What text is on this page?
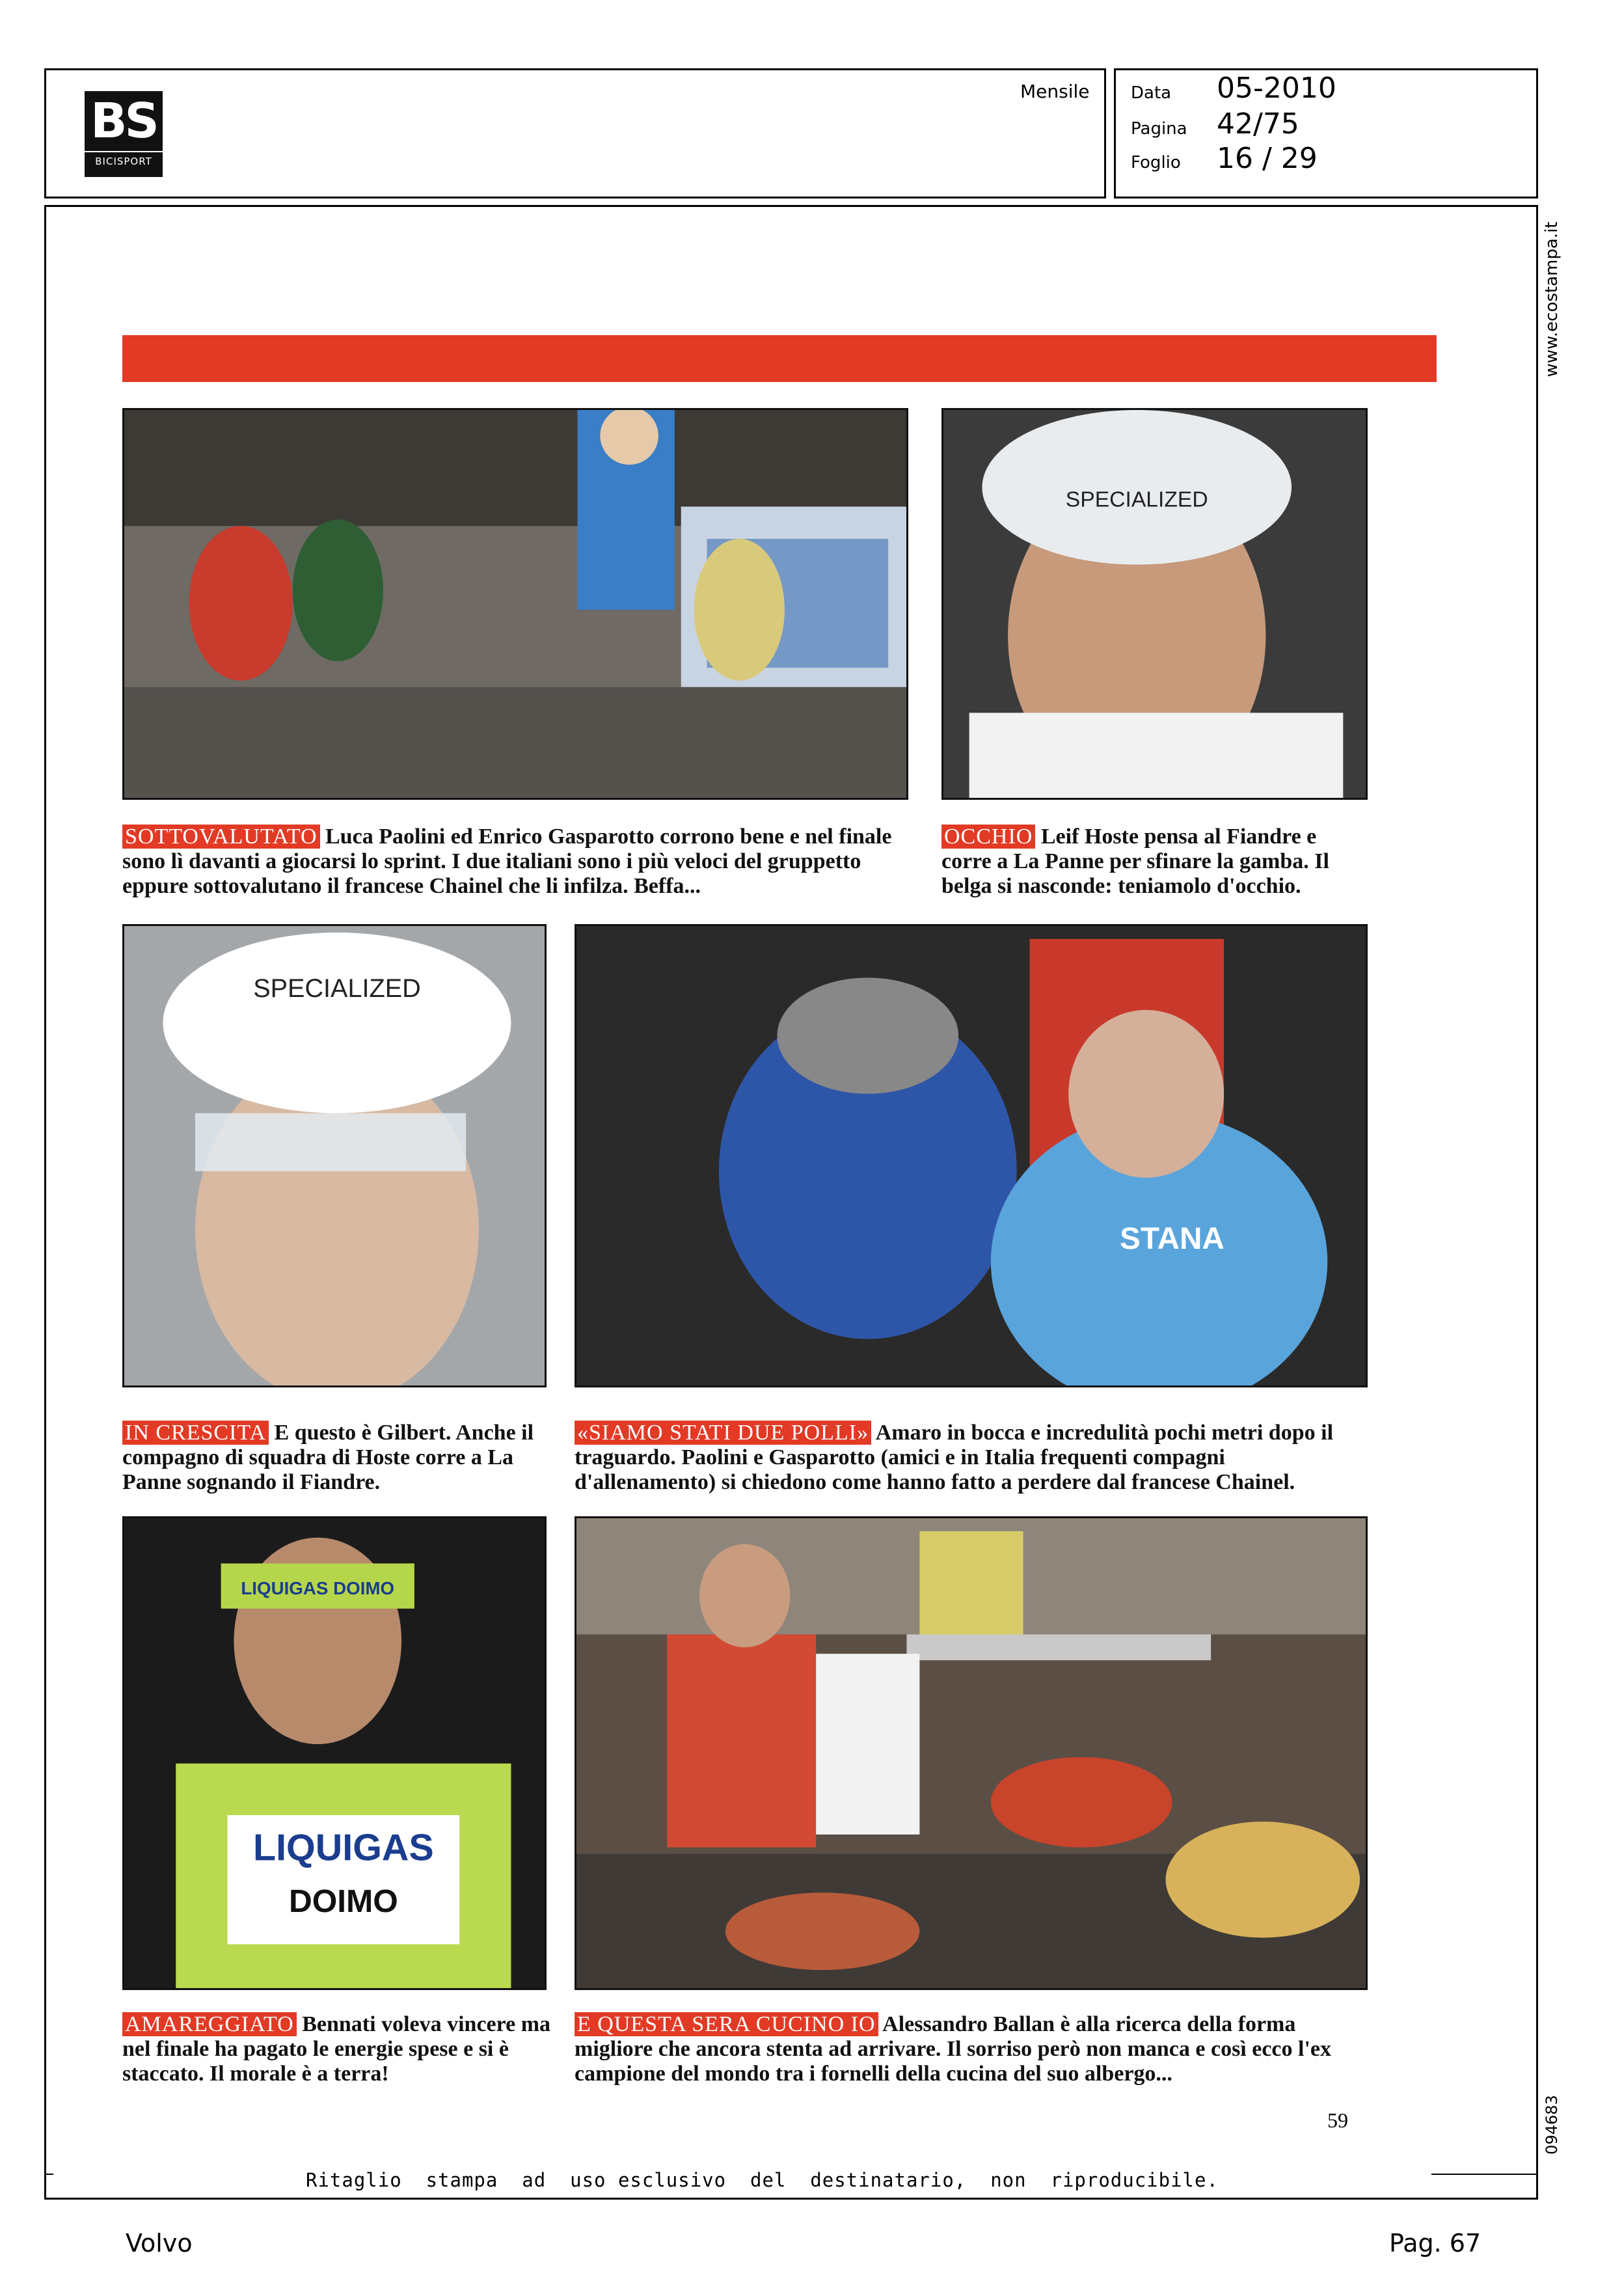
BS
BICISPORT
Mensile Data
Pagina
Foglio
05-2010
42/75
16 / 29
www.ecostampa.it
094683
SPECIALIZED
SOTTOVALUTATO Luca Paolini ed Enrico Gasparotto corrono bene e nel finale sono lì davanti a giocarsi lo sprint. I due italiani sono i più veloci del gruppetto eppure sottovalutano il francese Chainel che li infilza. Beffa...
OCCHIO Leif Hoste pensa al Fiandre e corre a La Panne per sfinare la gamba. Il belga si nasconde: teniamolo d'occhio.
SPECIALIZED
STANA
IN CRESCITA E questo è Gilbert. Anche il compagno di squadra di Hoste corre a La Panne sognando il Fiandre.
«SIAMO STATI DUE POLLI» Amaro in bocca e incredulità pochi metri dopo il traguardo. Paolini e Gasparotto (amici e in Italia frequenti compagni d'allenamento) si chiedono come hanno fatto a perdere dal francese Chainel.
LIQUIGAS DOIMO
LIQUIGAS
DOIMO
AMAREGGIATO Bennati voleva vincere ma nel finale ha pagato le energie spese e si è staccato. Il morale è a terra!
E QUESTA SERA CUCINO IO Alessandro Ballan è alla ricerca della forma migliore che ancora stenta ad arrivare. Il sorriso però non manca e così ecco l'ex campione del mondo tra i fornelli della cucina del suo albergo...
59
Ritaglio  stampa  ad  uso esclusivo  del  destinatario,  non  riproducibile.
Volvo	Pag. 67
